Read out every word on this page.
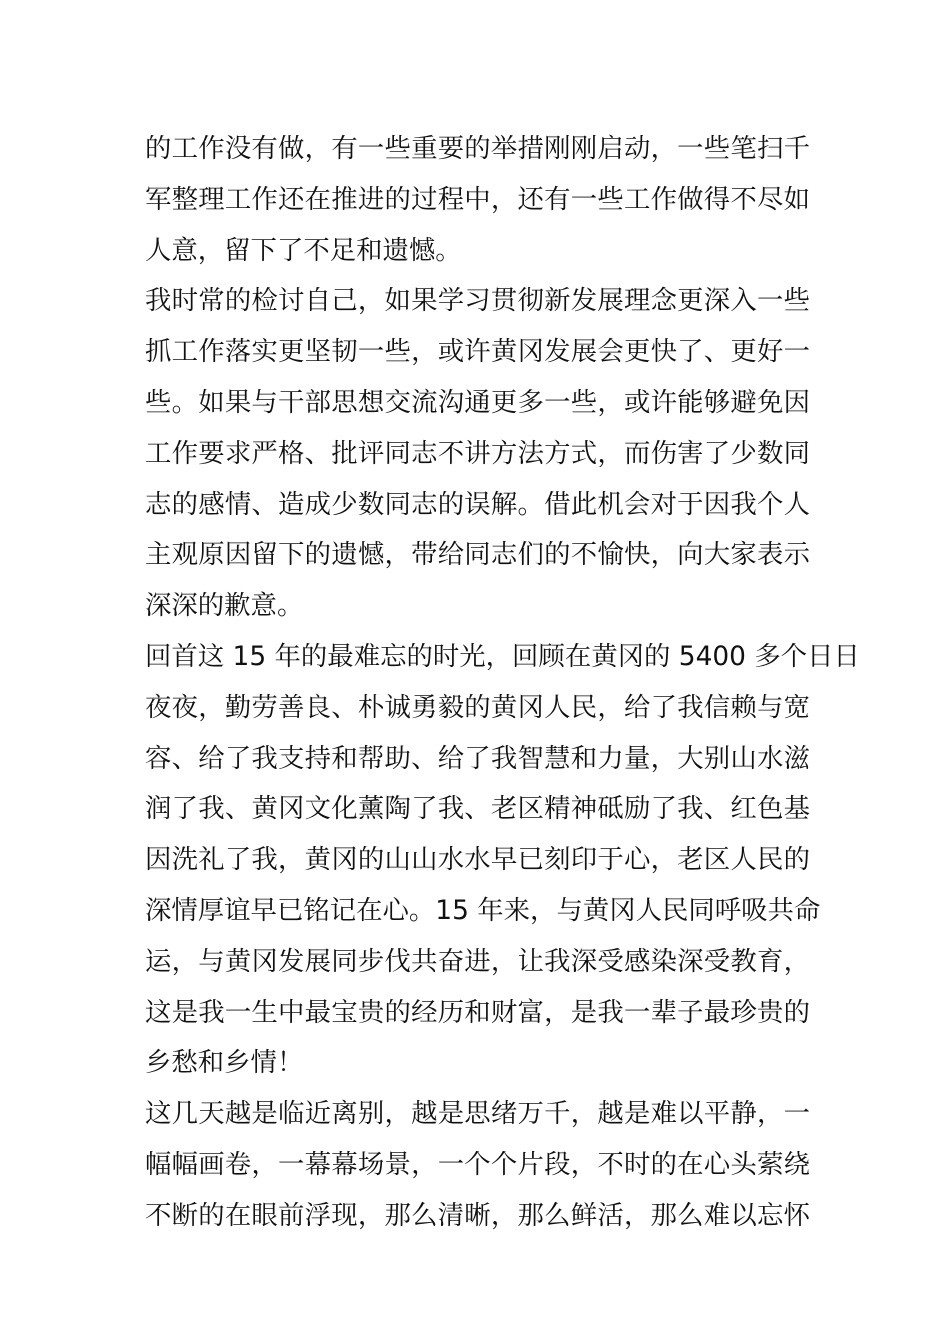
的工作没有做，有一些重要的举措刚刚启动，一些笔扫千
军整理工作还在推进的过程中，还有一些工作做得不尽如
人意，留下了不足和遗憾。
我时常的检讨自己，如果学习贯彻新发展理念更深入一些
抓工作落实更坚韧一些，或许黄冈发展会更快了、更好一
些。如果与干部思想交流沟通更多一些，或许能够避免因
工作要求严格、批评同志不讲方法方式，而伤害了少数同
志的感情、造成少数同志的误解。借此机会对于因我个人
主观原因留下的遗憾，带给同志们的不愉快，向大家表示
深深的歉意。
回首这 15 年的最难忘的时光，回顾在黄冈的 5400 多个日日
夜夜，勤劳善良、朴诚勇毅的黄冈人民，给了我信赖与宽
容、给了我支持和帮助、给了我智慧和力量，大别山水滋
润了我、黄冈文化薰陶了我、老区精神砥励了我、红色基
因洗礼了我，黄冈的山山水水早已刻印于心，老区人民的
深情厚谊早已铭记在心。15 年来，与黄冈人民同呼吸共命
运，与黄冈发展同步伐共奋进，让我深受感染深受教育，
这是我一生中最宝贵的经历和财富，是我一辈子最珍贵的
乡愁和乡情！
这几天越是临近离别，越是思绪万千，越是难以平静，一
幅幅画卷，一幕幕场景，一个个片段，不时的在心头萦绕
不断的在眼前浮现，那么清晰，那么鲜活，那么难以忘怀
